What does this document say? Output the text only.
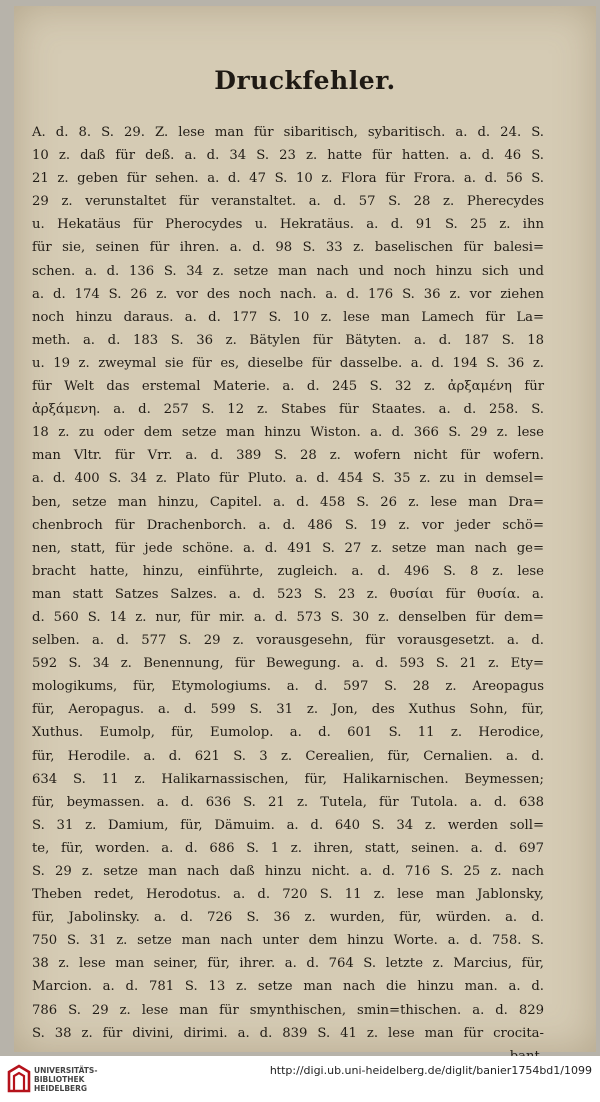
Druckfehler.
A. d. 8. S. 29. Z. lese man für sibaritisch, sybaritisch. a. d. 24. S.
10 z. daß für deß. a. d. 34 S. 23 z. hatte für hatten. a. d. 46 S.
21 z. geben für sehen. a. d. 47 S. 10 z. Flora für Frora. a. d. 56 S.
29 z. verunstaltet für veranstaltet. a. d. 57 S. 28 z. Pherecydes
u. Hekatäus für Pherocydes u. Hekratäus. a. d. 91 S. 25 z. ihn
für sie, seinen für ihren. a. d. 98 S. 33 z. baselischen für balesi=
schen. a. d. 136 S. 34 z. setze man nach und noch hinzu sich und
a. d. 174 S. 26 z. vor des noch nach. a. d. 176 S. 36 z. vor ziehen
noch hinzu daraus. a. d. 177 S. 10 z. lese man Lamech für La=
meth. a. d. 183 S. 36 z. Bätylen für Bätyten. a. d. 187 S. 18
u. 19 z. zweymal sie für es, dieselbe für dasselbe. a. d. 194 S. 36 z.
für Welt das erstemal Materie. a. d. 245 S. 32 z. ἀρξαμένη für
ἀρξάμενη. a. d. 257 S. 12 z. Stabes für Staates. a. d. 258. S.
18 z. zu oder dem setze man hinzu Wiston. a. d. 366 S. 29 z. lese
man Vltr. für Vrr. a. d. 389 S. 28 z. wofern nicht für wofern.
a. d. 400 S. 34 z. Plato für Pluto. a. d. 454 S. 35 z. zu in demsel=
ben, setze man hinzu, Capitel. a. d. 458 S. 26 z. lese man Dra=
chenbroch für Drachenborch. a. d. 486 S. 19 z. vor jeder schö=
nen, statt, für jede schöne. a. d. 491 S. 27 z. setze man nach ge=
bracht hatte, hinzu, einführte, zugleich. a. d. 496 S. 8 z. lese
man statt Satzes Salzes. a. d. 523 S. 23 z. θυσίαι für θυσία. a.
d. 560 S. 14 z. nur, für mir. a. d. 573 S. 30 z. denselben für dem=
selben. a. d. 577 S. 29 z. vorausgesehn, für vorausgesetzt. a. d.
592 S. 34 z. Benennung, für Bewegung. a. d. 593 S. 21 z. Ety=
mologikums, für, Etymologiums. a. d. 597 S. 28 z. Areopagus
für, Aeropagus. a. d. 599 S. 31 z. Jon, des Xuthus Sohn, für,
Xuthus. Eumolp, für, Eumolop. a. d. 601 S. 11 z. Herodice,
für, Herodile. a. d. 621 S. 3 z. Cerealien, für, Cernalien. a. d.
634 S. 11 z. Halikarnassischen, für, Halikarnischen. Beymessen;
für, beymassen. a. d. 636 S. 21 z. Tutela, für Tutola. a. d. 638
S. 31 z. Damium, für, Dämuim. a. d. 640 S. 34 z. werden soll=
te, für, worden. a. d. 686 S. 1 z. ihren, statt, seinen. a. d. 697
S. 29 z. setze man nach daß hinzu nicht. a. d. 716 S. 25 z. nach
Theben redet, Herodotus. a. d. 720 S. 11 z. lese man Jablonsky,
für, Jabolinsky. a. d. 726 S. 36 z. wurden, für, würden. a. d.
750 S. 31 z. setze man nach unter dem hinzu Worte. a. d. 758. S.
38 z. lese man seiner, für, ihrer. a. d. 764 S. letzte z. Marcius, für,
Marcion. a. d. 781 S. 13 z. setze man nach die hinzu man. a. d.
786 S. 29 z. lese man für smynthischen, smin=thischen. a. d. 829
S. 38 z. für divini, dirimi. a. d. 839 S. 41 z. lese man für crocita-
UNIVERSITÄTS-
BIBLIOTHEK
HEIDELBERG
http://digi.ub.uni-heidelberg.de/diglit/banier1754bd1/1099
